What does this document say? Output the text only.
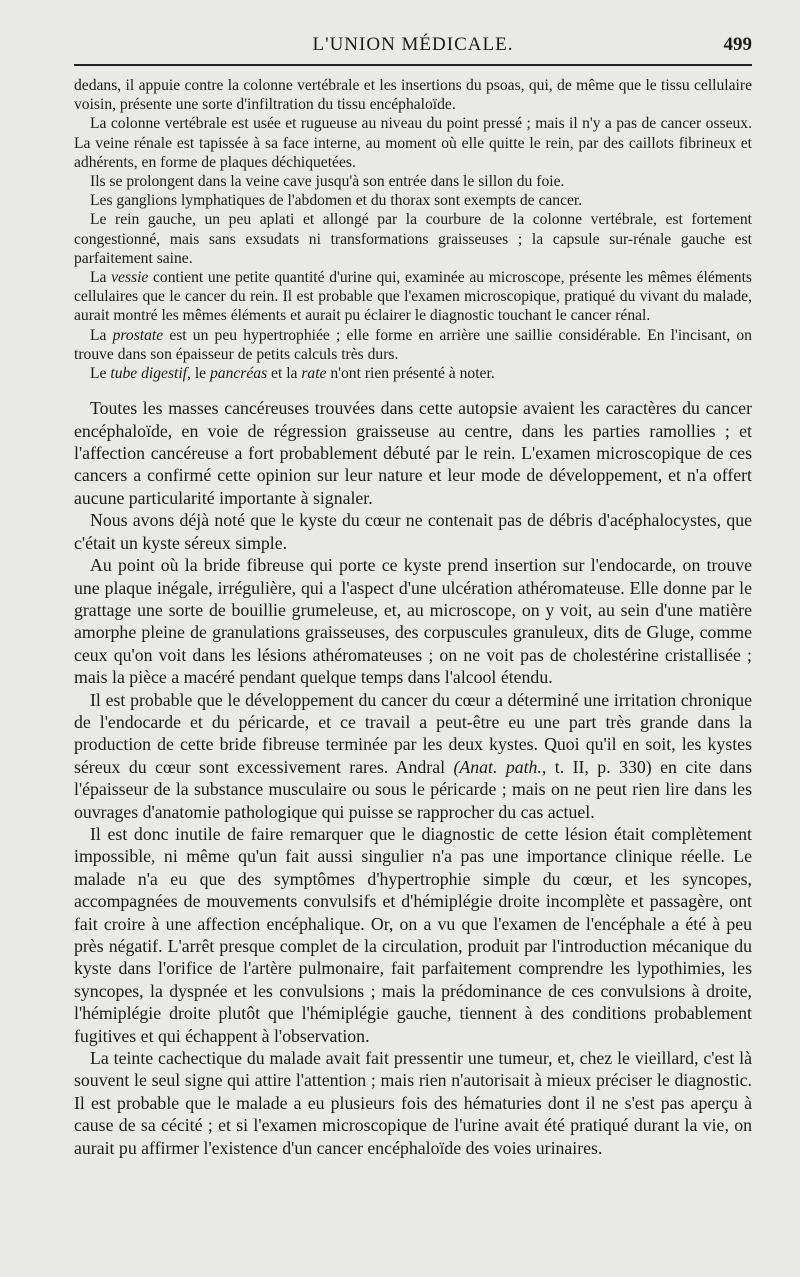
L'UNION MÉDICALE.	499

dedans, il appuie contre la colonne vertébrale et les insertions du psoas, qui, de même que le tissu cellulaire voisin, présente une sorte d'infiltration du tissu encéphaloïde.

La colonne vertébrale est usée et rugueuse au niveau du point pressé ; mais il n'y a pas de cancer osseux. La veine rénale est tapissée à sa face interne, au moment où elle quitte le rein, par des caillots fibrineux et adhérents, en forme de plaques déchiquetées.

Ils se prolongent dans la veine cave jusqu'à son entrée dans le sillon du foie.

Les ganglions lymphatiques de l'abdomen et du thorax sont exempts de cancer.

Le rein gauche, un peu aplati et allongé par la courbure de la colonne vertébrale, est fortement congestionné, mais sans exsudats ni transformations graisseuses ; la capsule sur-rénale gauche est parfaitement saine.

La vessie contient une petite quantité d'urine qui, examinée au microscope, présente les mêmes éléments cellulaires que le cancer du rein. Il est probable que l'examen microscopique, pratiqué du vivant du malade, aurait montré les mêmes éléments et aurait pu éclairer le diagnostic touchant le cancer rénal.

La prostate est un peu hypertrophiée ; elle forme en arrière une saillie considérable. En l'incisant, on trouve dans son épaisseur de petits calculs très durs.

Le tube digestif, le pancréas et la rate n'ont rien présenté à noter.

Toutes les masses cancéreuses trouvées dans cette autopsie avaient les caractères du cancer encéphaloïde, en voie de régression graisseuse au centre, dans les parties ramollies ; et l'affection cancéreuse a fort probablement débuté par le rein. L'examen microscopique de ces cancers a confirmé cette opinion sur leur nature et leur mode de développement, et n'a offert aucune particularité importante à signaler.

Nous avons déjà noté que le kyste du cœur ne contenait pas de débris d'acéphalocystes, que c'était un kyste séreux simple.

Au point où la bride fibreuse qui porte ce kyste prend insertion sur l'endocarde, on trouve une plaque inégale, irrégulière, qui a l'aspect d'une ulcération athéromateuse. Elle donne par le grattage une sorte de bouillie grumeleuse, et, au microscope, on y voit, au sein d'une matière amorphe pleine de granulations graisseuses, des corpuscules granuleux, dits de Gluge, comme ceux qu'on voit dans les lésions athéromateuses ; on ne voit pas de cholestérine cristallisée ; mais la pièce a macéré pendant quelque temps dans l'alcool étendu.

Il est probable que le développement du cancer du cœur a déterminé une irritation chronique de l'endocarde et du péricarde, et ce travail a peut-être eu une part très grande dans la production de cette bride fibreuse terminée par les deux kystes. Quoi qu'il en soit, les kystes séreux du cœur sont excessivement rares. Andral (Anat. path., t. II, p. 330) en cite dans l'épaisseur de la substance musculaire ou sous le péricarde ; mais on ne peut rien lire dans les ouvrages d'anatomie pathologique qui puisse se rapprocher du cas actuel.

Il est donc inutile de faire remarquer que le diagnostic de cette lésion était complètement impossible, ni même qu'un fait aussi singulier n'a pas une importance clinique réelle. Le malade n'a eu que des symptômes d'hypertrophie simple du cœur, et les syncopes, accompagnées de mouvements convulsifs et d'hémiplégie droite incomplète et passagère, ont fait croire à une affection encéphalique. Or, on a vu que l'examen de l'encéphale a été à peu près négatif. L'arrêt presque complet de la circulation, produit par l'introduction mécanique du kyste dans l'orifice de l'artère pulmonaire, fait parfaitement comprendre les lypothimies, les syncopes, la dyspnée et les convulsions ; mais la prédominance de ces convulsions à droite, l'hémiplégie droite plutôt que l'hémiplégie gauche, tiennent à des conditions probablement fugitives et qui échappent à l'observation.

La teinte cachectique du malade avait fait pressentir une tumeur, et, chez le vieillard, c'est là souvent le seul signe qui attire l'attention ; mais rien n'autorisait à mieux préciser le diagnostic. Il est probable que le malade a eu plusieurs fois des hématuries dont il ne s'est pas aperçu à cause de sa cécité ; et si l'examen microscopique de l'urine avait été pratiqué durant la vie, on aurait pu affirmer l'existence d'un cancer encéphaloïde des voies urinaires.
